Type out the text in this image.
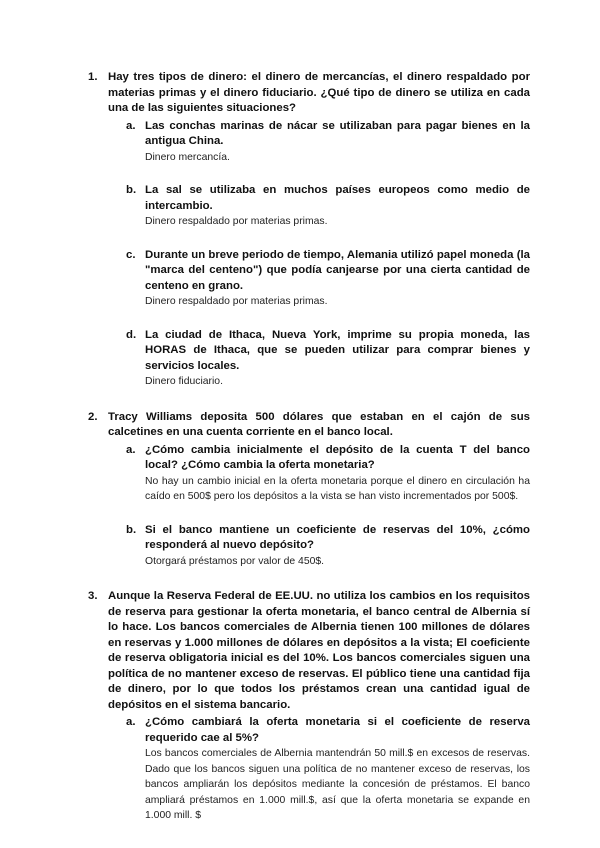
1. Hay tres tipos de dinero: el dinero de mercancías, el dinero respaldado por materias primas y el dinero fiduciario. ¿Qué tipo de dinero se utiliza en cada una de las siguientes situaciones?
a. Las conchas marinas de nácar se utilizaban para pagar bienes en la antigua China.
Dinero mercancía.
b. La sal se utilizaba en muchos países europeos como medio de intercambio.
Dinero respaldado por materias primas.
c. Durante un breve periodo de tiempo, Alemania utilizó papel moneda (la "marca del centeno") que podía canjearse por una cierta cantidad de centeno en grano.
Dinero respaldado por materias primas.
d. La ciudad de Ithaca, Nueva York, imprime su propia moneda, las HORAS de Ithaca, que se pueden utilizar para comprar bienes y servicios locales.
Dinero fiduciario.
2. Tracy Williams deposita 500 dólares que estaban en el cajón de sus calcetines en una cuenta corriente en el banco local.
a. ¿Cómo cambia inicialmente el depósito de la cuenta T del banco local? ¿Cómo cambia la oferta monetaria?
No hay un cambio inicial en la oferta monetaria porque el dinero en circulación ha caído en 500$ pero los depósitos a la vista se han visto incrementados por 500$.
b. Si el banco mantiene un coeficiente de reservas del 10%, ¿cómo responderá al nuevo depósito?
Otorgará préstamos por valor de 450$.
3. Aunque la Reserva Federal de EE.UU. no utiliza los cambios en los requisitos de reserva para gestionar la oferta monetaria, el banco central de Albernia sí lo hace. Los bancos comerciales de Albernia tienen 100 millones de dólares en reservas y 1.000 millones de dólares en depósitos a la vista; El coeficiente de reserva obligatoria inicial es del 10%. Los bancos comerciales siguen una política de no mantener exceso de reservas. El público tiene una cantidad fija de dinero, por lo que todos los préstamos crean una cantidad igual de depósitos en el sistema bancario.
a. ¿Cómo cambiará la oferta monetaria si el coeficiente de reserva requerido cae al 5%?
Los bancos comerciales de Albernia mantendrán 50 mill.$ en excesos de reservas. Dado que los bancos siguen una política de no mantener exceso de reservas, los bancos ampliarán los depósitos mediante la concesión de préstamos. El banco ampliará préstamos en 1.000 mill.$, así que la oferta monetaria se expande en 1.000 mill. $
